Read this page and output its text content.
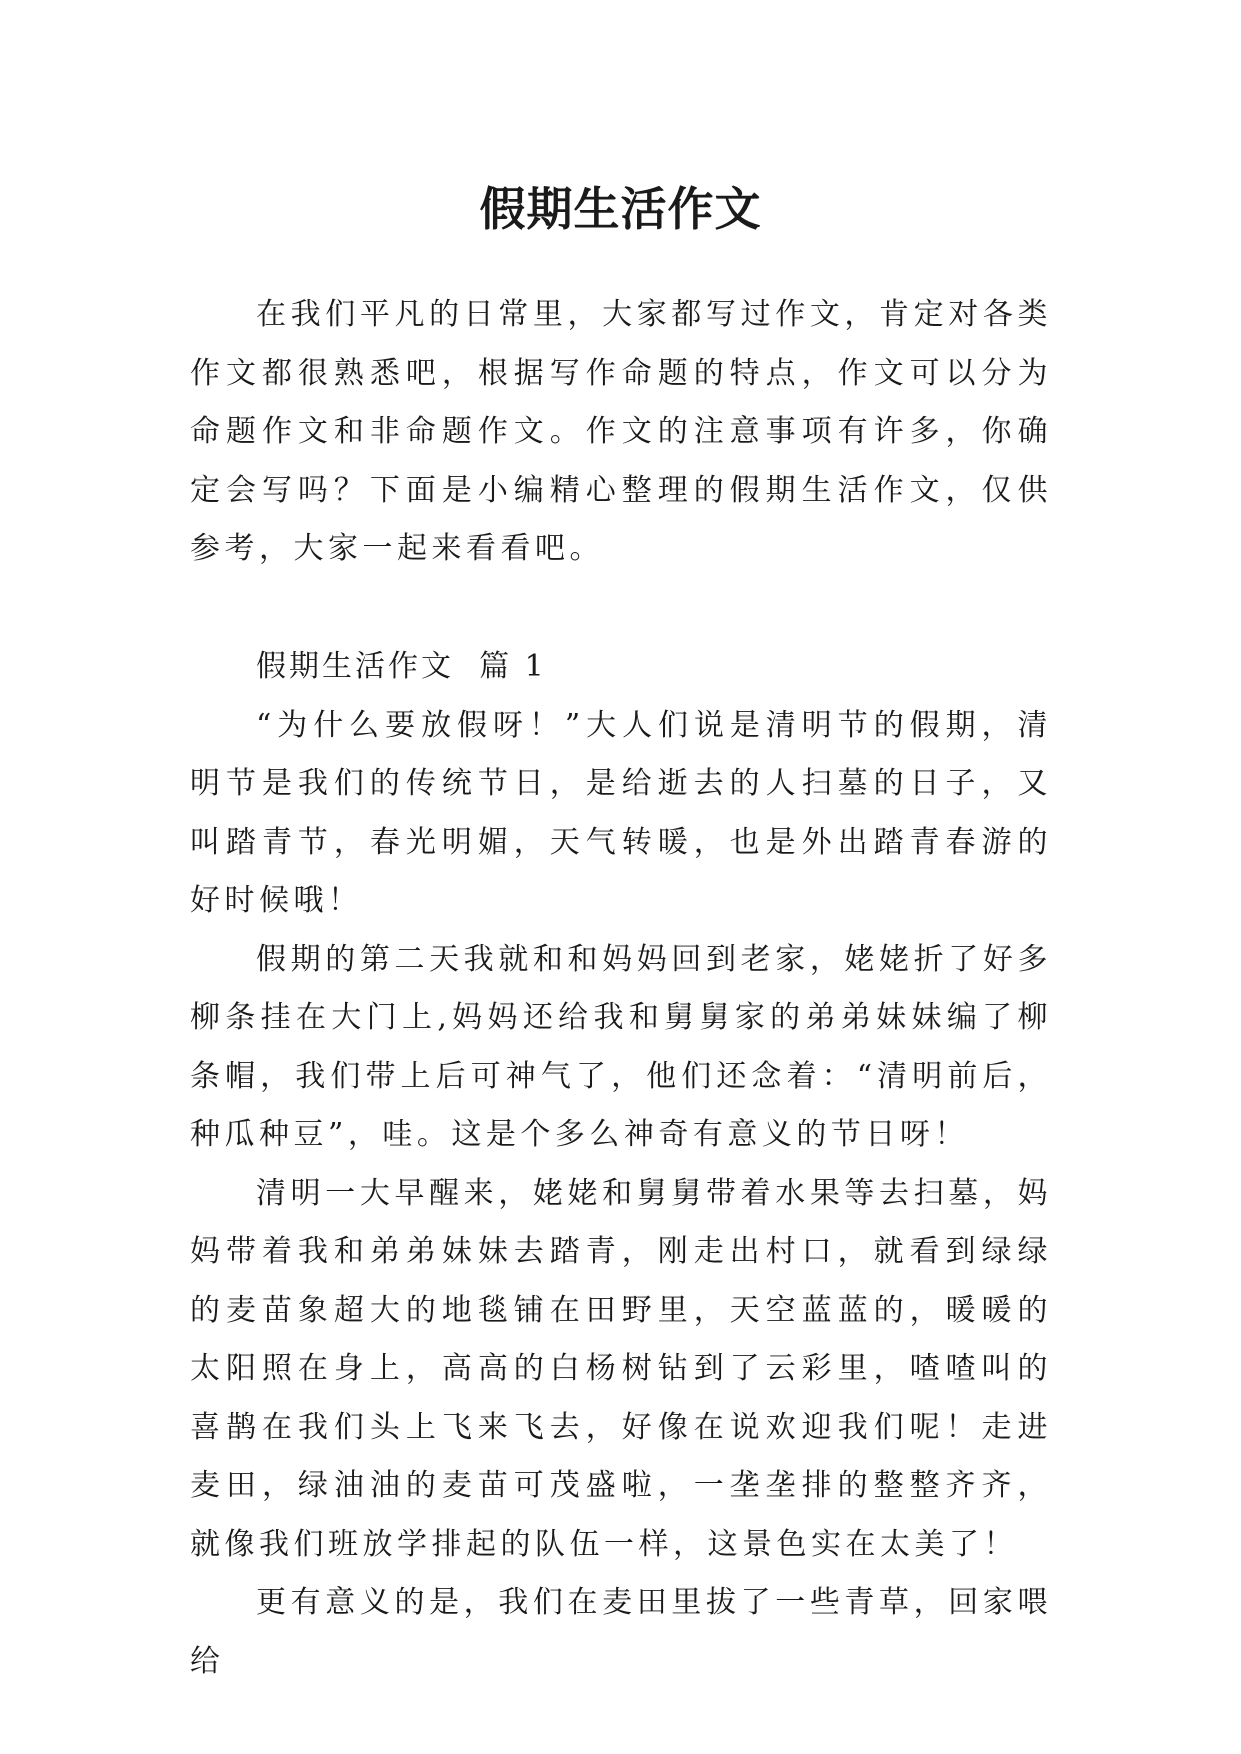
假期生活作文

在我们平凡的日常里，大家都写过作文，肯定对各类作文都很熟悉吧，根据写作命题的特点，作文可以分为命题作文和非命题作文。作文的注意事项有许多，你确定会写吗？下面是小编精心整理的假期生活作文，仅供参考，大家一起来看看吧。

假期生活作文  篇 1

“为什么要放假呀！”大人们说是清明节的假期，清明节是我们的传统节日，是给逝去的人扫墓的日子，又叫踏青节，春光明媚，天气转暖，也是外出踏青春游的好时候哦！

假期的第二天我就和和妈妈回到老家，姥姥折了好多柳条挂在大门上,妈妈还给我和舅舅家的弟弟妹妹编了柳条帽，我们带上后可神气了，他们还念着：“清明前后，种瓜种豆”，哇。这是个多么神奇有意义的节日呀！

清明一大早醒来，姥姥和舅舅带着水果等去扫墓，妈妈带着我和弟弟妹妹去踏青，刚走出村口，就看到绿绿的麦苗象超大的地毯铺在田野里，天空蓝蓝的，暖暖的太阳照在身上，高高的白杨树钻到了云彩里，喳喳叫的喜鹊在我们头上飞来飞去，好像在说欢迎我们呢！走进麦田，绿油油的麦苗可茂盛啦，一垄垄排的整整齐齐，就像我们班放学排起的队伍一样，这景色实在太美了！

更有意义的是，我们在麦田里拔了一些青草，回家喂给
